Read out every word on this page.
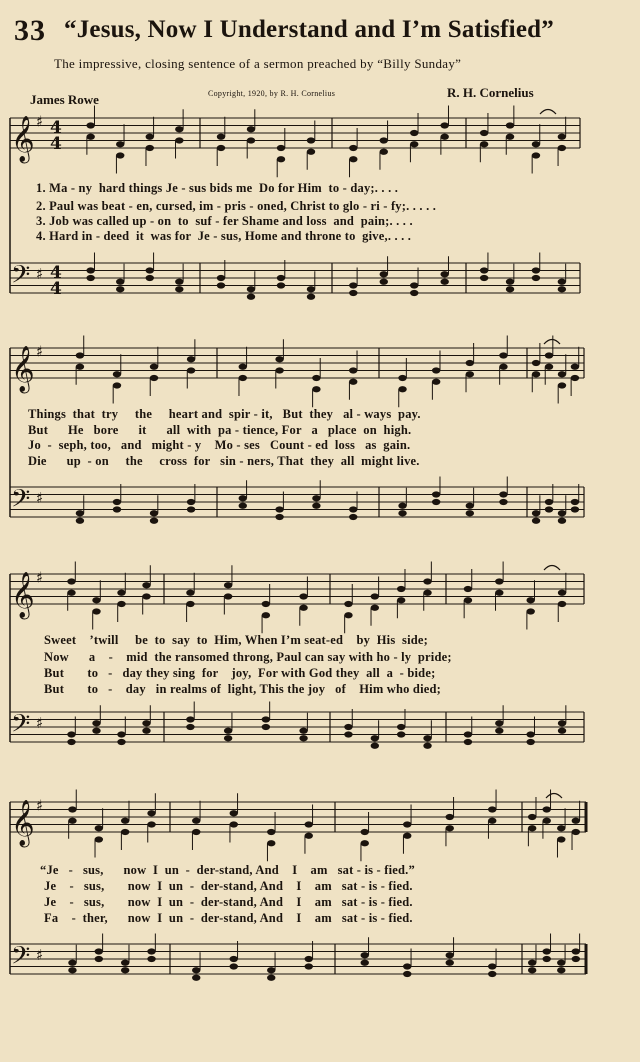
33 “Jesus, Now I Understand and I’m Satisfied”
The impressive, closing sentence of a sermon preached by “Billy Sunday”
James Rowe	Copyright, 1920, by R. H. Cornelius	R. H. Cornelius
𝄞 ♯ 4
4
𝄢 ♯ 4
4
𝄞 ♯
𝄢 ♯
𝄞 ♯
𝄢 ♯
𝄞 ♯
𝄢 ♯
1. Ma - ny  hard things Je - sus bids me  Do for Him  to - day;. . . .
2. Paul was beat - en, cursed, im - pris - oned, Christ to glo - ri - fy;. . . . .
3. Job was called up - on  to  suf - fer Shame and loss  and  pain;. . . .
4. Hard in - deed  it  was for  Je - sus, Home and throne to  give,. . . .
Things  that  try     the     heart and  spir - it,   But  they   al - ways  pay.
But      He   bore      it      all  with  pa - tience, For   a   place  on  high.
Jo  -  seph, too,   and   might - y    Mo - ses   Count - ed  loss   as  gain.
Die      up  - on     the     cross  for   sin - ners, That  they  all  might live.
Sweet    ’twill     be  to  say  to  Him, When I’m seat-ed    by  His  side;
Now      a    -    mid  the ransomed throng, Paul can say with ho - ly  pride;
But       to   -   day they sing  for    joy,  For with God they  all  a  - bide;
But       to   -    day   in realms of  light, This the joy   of    Him who died;
“Je   -   sus,      now  I  un  -  der-stand, And    I    am   sat - is - fied.”
Je    -   sus,       now  I  un  -  der-stand, And    I    am   sat - is - fied.
Je    -   sus,       now  I  un  -  der-stand, And    I    am   sat - is - fied.
Fa    -  ther,      now  I  un  -  der-stand, And    I    am   sat - is - fied.
